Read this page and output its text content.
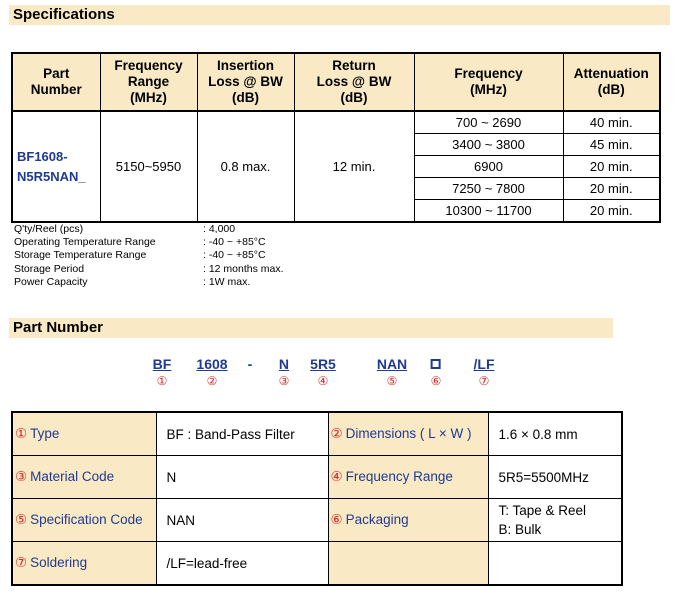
Specifications
Part
Number	Frequency
Range
(MHz)	Insertion
Loss @ BW
(dB)	Return
Loss @ BW
(dB)	Frequency
(MHz)	Attenuation
(dB)
BF1608-
N5R5NAN_	5150~5950	0.8 max.	12 min.	700 ~ 2690	40 min.
				3400 ~ 3800	45 min.
				6900	20 min.
				7250 ~ 7800	20 min.
				10300 ~ 11700	20 min.
Q'ty/Reel (pcs)	: 4,000
Operating Temperature Range	: -40 ~ +85°C
Storage Temperature Range	: -40 ~ +85°C
Storage Period	: 12 months max.
Power Capacity	: 1W max.
Part Number
BF
①
1608
②
- N
③
5R5
④
NAN
⑤	⑥
/LF
⑦
① Type	BF : Band-Pass Filter	② Dimensions ( L × W )	1.6 × 0.8 mm
③ Material Code	N	④ Frequency Range	5R5=5500MHz
⑤ Specification Code	NAN	⑥ Packaging	T: Tape & Reel
B: Bulk

⑦ Soldering	/LF=lead-free		
